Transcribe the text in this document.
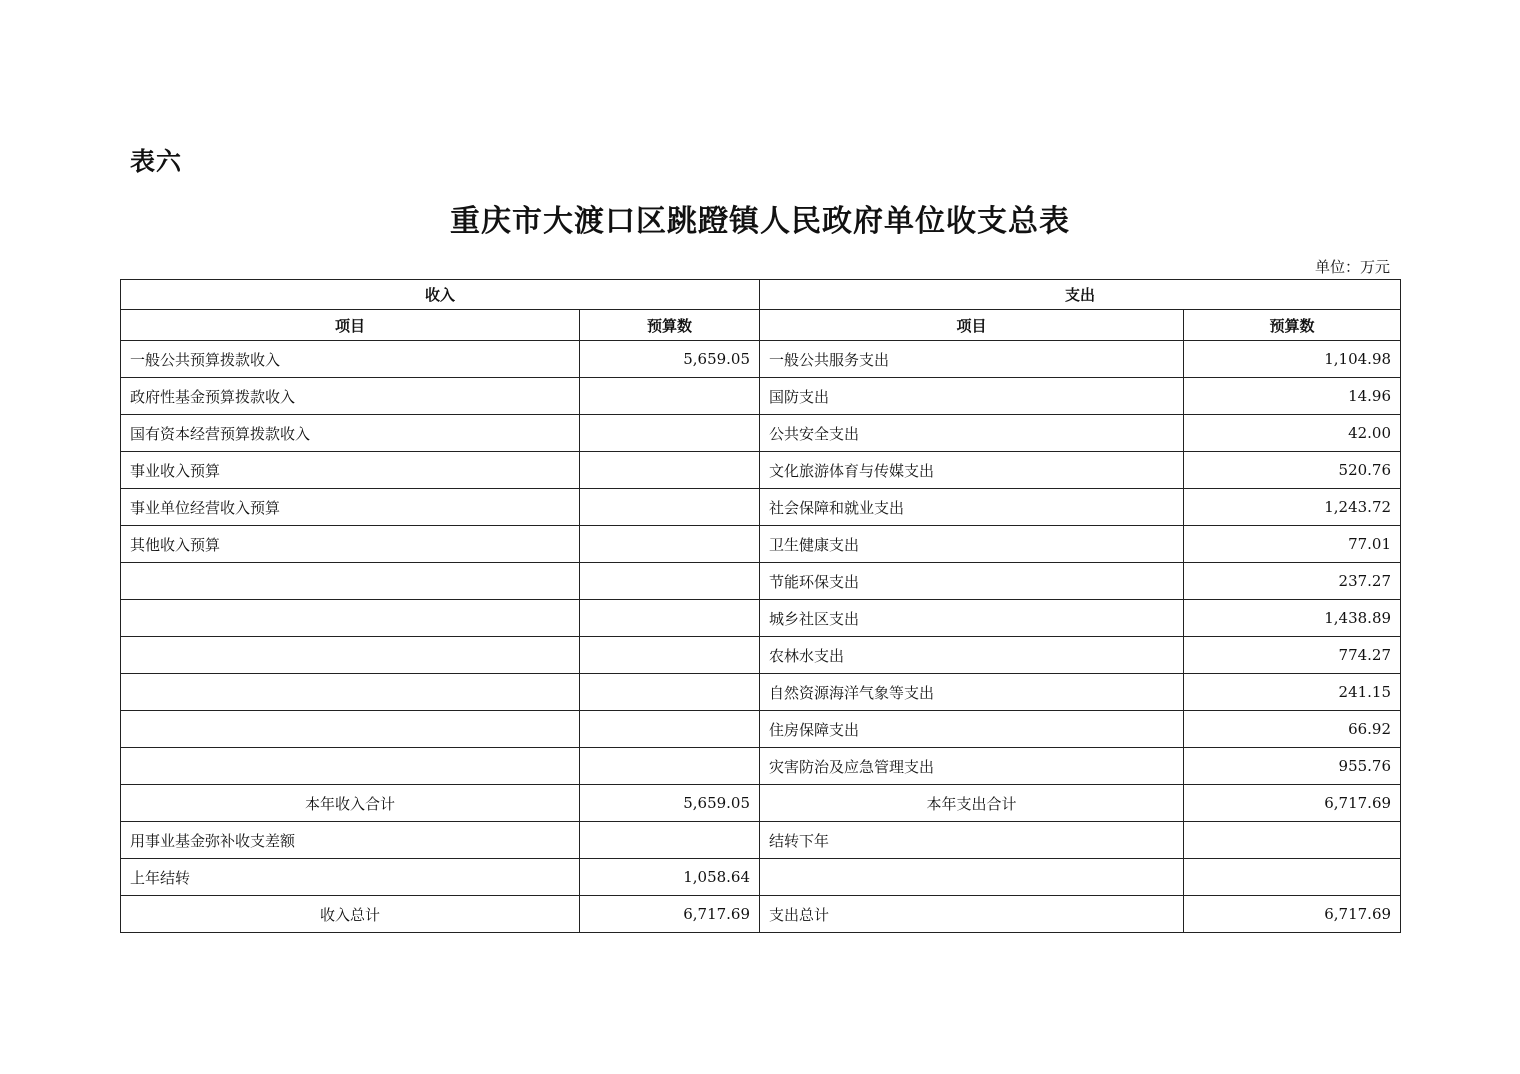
表六
重庆市大渡口区跳蹬镇人民政府单位收支总表
单位：万元
收入		支出	
项目	预算数	项目	预算数
一般公共预算拨款收入	5,659.05	一般公共服务支出	1,104.98
政府性基金预算拨款收入		国防支出	14.96
国有资本经营预算拨款收入		公共安全支出	42.00
事业收入预算		文化旅游体育与传媒支出	520.76
事业单位经营收入预算		社会保障和就业支出	1,243.72
其他收入预算		卫生健康支出	77.01
		节能环保支出	237.27
		城乡社区支出	1,438.89
		农林水支出	774.27
		自然资源海洋气象等支出	241.15
		住房保障支出	66.92
		灾害防治及应急管理支出	955.76
本年收入合计	5,659.05	本年支出合计	6,717.69
用事业基金弥补收支差额		结转下年	
上年结转	1,058.64		
收入总计	6,717.69	支出总计	6,717.69
